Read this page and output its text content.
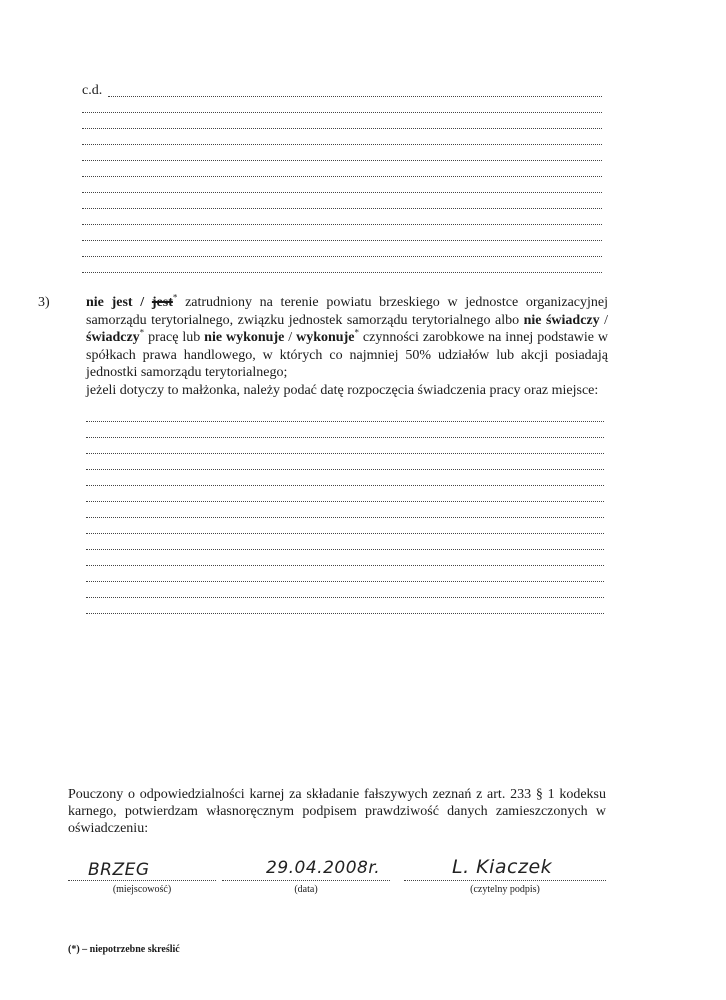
c.d.
3)	nie jest / jest* zatrudniony na terenie powiatu brzeskiego w jednostce organizacyjnej samorządu terytorialnego, związku jednostek samorządu terytorialnego albo nie świadczy / świadczy* pracę lub nie wykonuje / wykonuje* czynności zarobkowe na innej podstawie w spółkach prawa handlowego, w których co najmniej 50% udziałów lub akcji posiadają jednostki samorządu terytorialnego;
jeżeli dotyczy to małżonka, należy podać datę rozpoczęcia świadczenia pracy oraz miejsce:
Pouczony o odpowiedzialności karnej za składanie fałszywych zeznań z art. 233 § 1 kodeksu karnego, potwierdzam własnoręcznym podpisem prawdziwość danych zamieszczonych w oświadczeniu:
BRZEG
(miejscowość)
29.04.2008r.
(data)
L. Kiaczek
(czytelny podpis)
(*) – niepotrzebne skreślić
